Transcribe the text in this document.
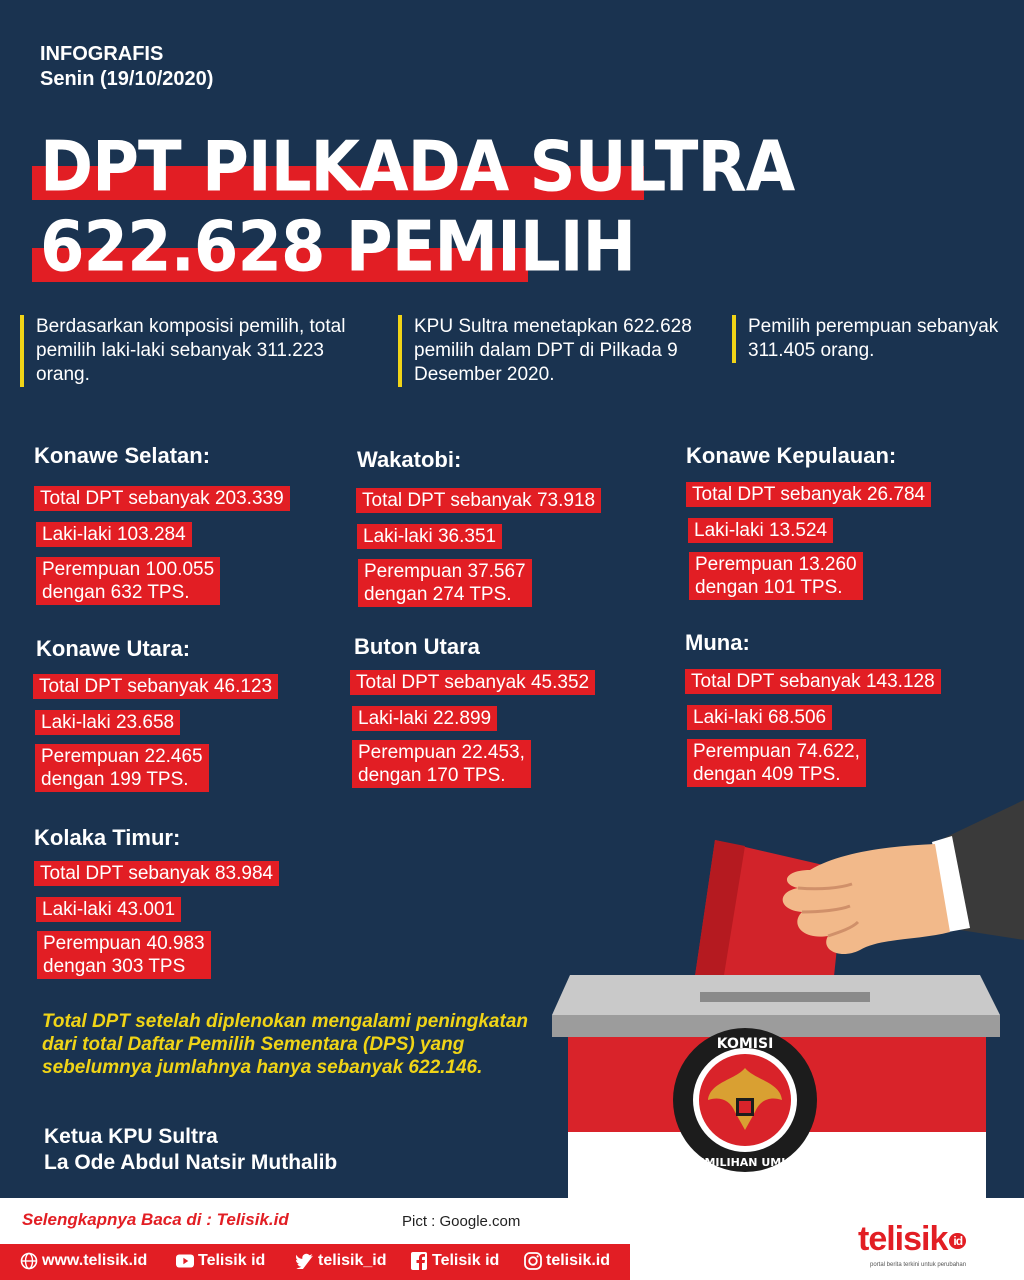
INFOGRAFIS
Senin (19/10/2020)
DPT PILKADA SULTRA
622.628 PEMILIH
Berdasarkan komposisi pemilih, total pemilih laki-laki sebanyak 311.223 orang.
KPU Sultra menetapkan 622.628 pemilih dalam DPT di Pilkada 9 Desember 2020.
Pemilih perempuan sebanyak 311.405 orang.
Konawe Selatan:
Total DPT sebanyak 203.339
Laki-laki 103.284
Perempuan 100.055
dengan 632 TPS.
Wakatobi:
Total DPT sebanyak 73.918
Laki-laki 36.351
Perempuan 37.567
dengan 274 TPS.
Konawe Kepulauan:
Total DPT sebanyak 26.784
Laki-laki 13.524
Perempuan 13.260
dengan 101 TPS.
Konawe Utara:
Total DPT sebanyak 46.123
Laki-laki 23.658
Perempuan 22.465
dengan 199 TPS.
Buton Utara
Total DPT sebanyak 45.352
Laki-laki 22.899
Perempuan 22.453,
dengan 170 TPS.
Muna:
Total DPT sebanyak 143.128
Laki-laki 68.506
Perempuan 74.622,
dengan 409 TPS.
Kolaka Timur:
Total DPT sebanyak 83.984
Laki-laki 43.001
Perempuan 40.983
dengan 303 TPS
KOMISI
PEMILIHAN UMUM
Total DPT setelah diplenokan mengalami peningkatan dari total Daftar Pemilih Sementara (DPS) yang sebelumnya jumlahnya hanya sebanyak 622.146.
Ketua KPU Sultra
La Ode Abdul Natsir Muthalib
Selengkapnya Baca di : Telisik.id	Pict : Google.com
www.telisik.id	Telisik id	telisik_id	Telisik id	telisik.id
telisik id
portal berita terkini untuk perubahan
